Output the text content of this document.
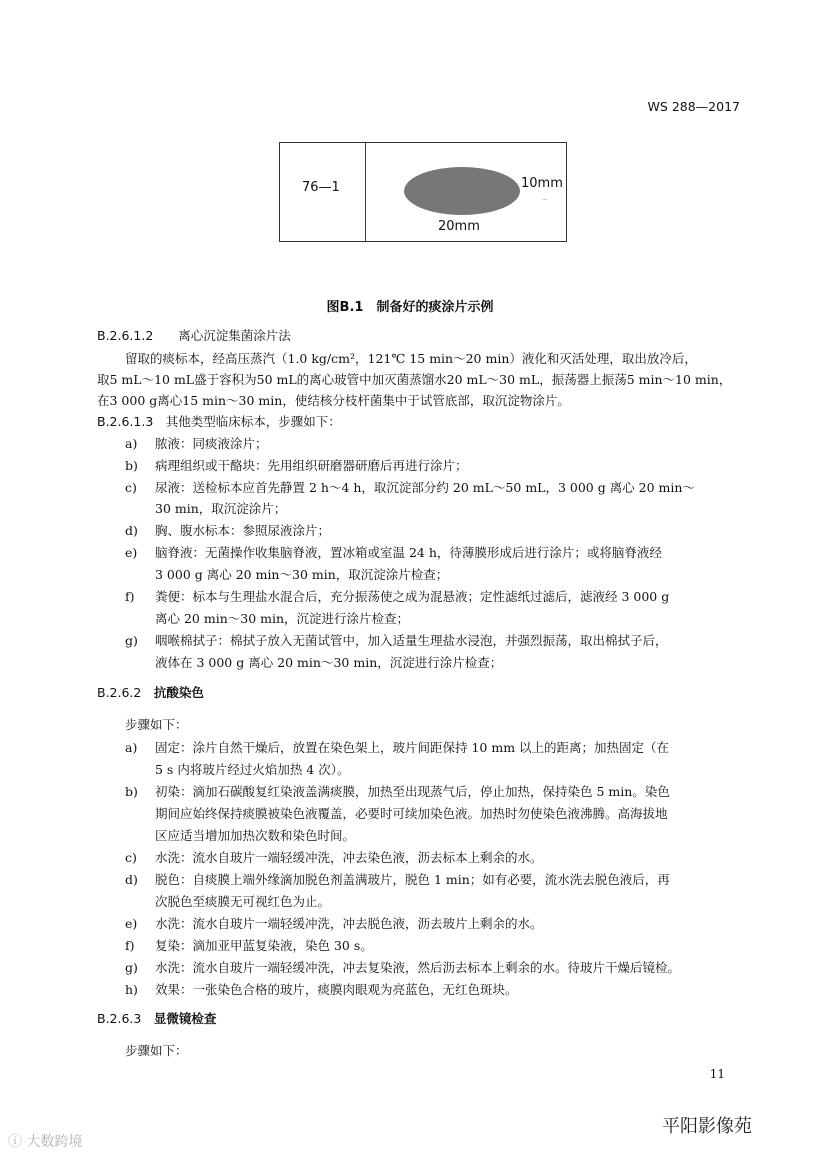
WS 288—2017
76—1	10mm
...
20mm
图B.1　制备好的痰涂片示例
B.2.6.1.2　　离心沉淀集菌涂片法
留取的痰标本，经高压蒸汽（1.0 kg/cm²，121℃ 15 min～20 min）液化和灭活处理，取出放冷后，
取5 mL～10 mL盛于容积为50 mL的离心玻管中加灭菌蒸馏水20 mL～30 mL，振荡器上振荡5 min～10 min，
在3 000 g离心15 min～30 min，使结核分枝杆菌集中于试管底部，取沉淀物涂片。
B.2.6.1.3　其他类型临床标本，步骤如下：
a) 脓液：同痰液涂片；
b) 病理组织或干酪块：先用组织研磨器研磨后再进行涂片；
c) 尿液：送检标本应首先静置 2 h～4 h，取沉淀部分约 20 mL～50 mL，3 000 g 离心 20 min～
30 min，取沉淀涂片；
d) 胸、腹水标本：参照尿液涂片；
e) 脑脊液：无菌操作收集脑脊液，置冰箱或室温 24 h，待薄膜形成后进行涂片；或将脑脊液经
3 000 g 离心 20 min～30 min，取沉淀涂片检查；
f) 粪便：标本与生理盐水混合后，充分振荡使之成为混悬液；定性滤纸过滤后，滤液经 3 000 g
离心 20 min～30 min，沉淀进行涂片检查；
g) 咽喉棉拭子：棉拭子放入无菌试管中，加入适量生理盐水浸泡，并强烈振荡，取出棉拭子后，
液体在 3 000 g 离心 20 min～30 min，沉淀进行涂片检查；
B.2.6.2　 抗酸染色
步骤如下：
a) 固定：涂片自然干燥后，放置在染色架上，玻片间距保持 10 mm 以上的距离；加热固定（在
5 s 内将玻片经过火焰加热 4 次）。
b) 初染：滴加石碳酸复红染液盖满痰膜，加热至出现蒸气后，停止加热，保持染色 5 min。染色
期间应始终保持痰膜被染色液覆盖，必要时可续加染色液。加热时勿使染色液沸腾。高海拔地
区应适当增加加热次数和染色时间。
c) 水洗：流水自玻片一端轻缓冲洗，冲去染色液，沥去标本上剩余的水。
d) 脱色：自痰膜上端外缘滴加脱色剂盖满玻片，脱色 1 min；如有必要，流水洗去脱色液后，再
次脱色至痰膜无可视红色为止。
e) 水洗：流水自玻片一端轻缓冲洗，冲去脱色液，沥去玻片上剩余的水。
f) 复染：滴加亚甲蓝复染液，染色 30 s。
g) 水洗：流水自玻片一端轻缓冲洗，冲去复染液，然后沥去标本上剩余的水。待玻片干燥后镜检。
h) 效果：一张染色合格的玻片，痰膜肉眼观为亮蓝色，无红色斑块。
B.2.6.3　 显微镜检查
步骤如下：
11
ⓘ 大数跨境
平阳影像苑
